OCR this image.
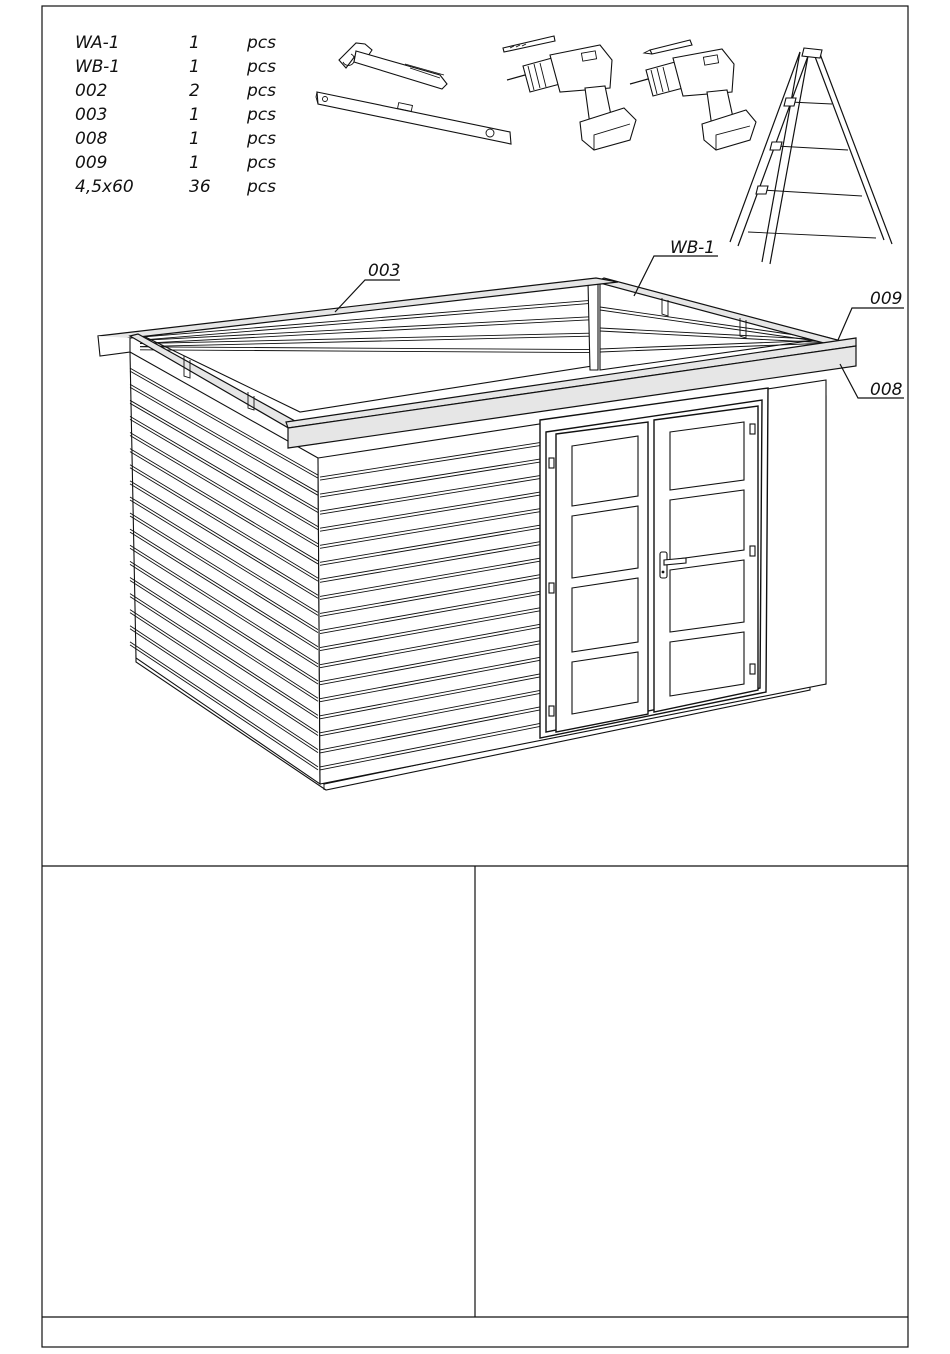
WA-1	1	pcs
WB-1	1	pcs
002	2	pcs
003	1	pcs
008	1	pcs
009	1	pcs
4,5x60	36 pcs
003
WB-1
009
008
